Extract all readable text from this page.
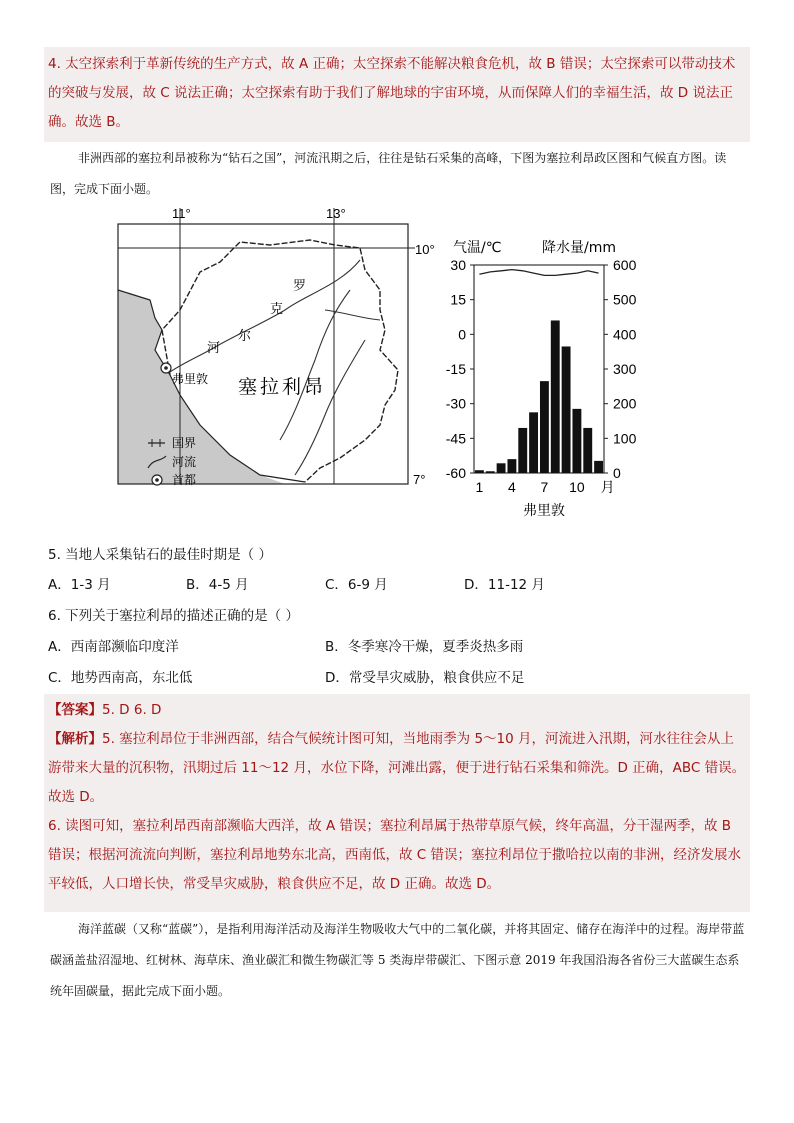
4. 太空探索利于革新传统的生产方式，故 A 正确；太空探索不能解决粮食危机，故 B 错误；太空探索可以带动技术的突破与发展，故 C 说法正确；太空探索有助于我们了解地球的宇宙环境，从而保障人们的幸福生活，故 D 说法正确。故选 B。

非洲西部的塞拉利昂被称为“钻石之国”，河流汛期之后，往往是钻石采集的高峰，下图为塞拉利昂政区图和气候直方图。读图，完成下面小题。

11°	13°
10°
7°
罗
克
尔
河
塞拉利昂
弗里敦
国界
河流
首都
气温/℃	降水量/mm
30
15
0
-15
-30
-45
-60
600
500
400
300
200
100
0
1 4 7 10 月
弗里敦
5. 当地人采集钻石的最佳时期是（ ）
A．1-3 月	B．4-5 月	C．6-9 月	D．11-12 月
6. 下列关于塞拉利昂的描述正确的是（ ）
A．西南部濒临印度洋	B．冬季寒冷干燥，夏季炎热多雨
C．地势西南高，东北低	D．常受旱灾威胁，粮食供应不足

【答案】5. D 6. D

【解析】5. 塞拉利昂位于非洲西部，结合气候统计图可知，当地雨季为 5～10 月，河流进入汛期，河水往往会从上游带来大量的沉积物，汛期过后 11～12 月，水位下降，河滩出露，便于进行钻石采集和筛洗。D 正确，ABC 错误。故选 D。

6. 读图可知，塞拉利昂西南部濒临大西洋，故 A 错误；塞拉利昂属于热带草原气候，终年高温，分干湿两季，故 B 错误；根据河流流向判断，塞拉利昂地势东北高，西南低，故 C 错误；塞拉利昂位于撒哈拉以南的非洲，经济发展水平较低，人口增长快，常受旱灾威胁，粮食供应不足，故 D 正确。故选 D。

海洋蓝碳（又称“蓝碳”），是指利用海洋活动及海洋生物吸收大气中的二氧化碳，并将其固定、储存在海洋中的过程。海岸带蓝碳涵盖盐沼湿地、红树林、海草床、渔业碳汇和微生物碳汇等 5 类海岸带碳汇、下图示意 2019 年我国沿海各省份三大蓝碳生态系统年固碳量，据此完成下面小题。
